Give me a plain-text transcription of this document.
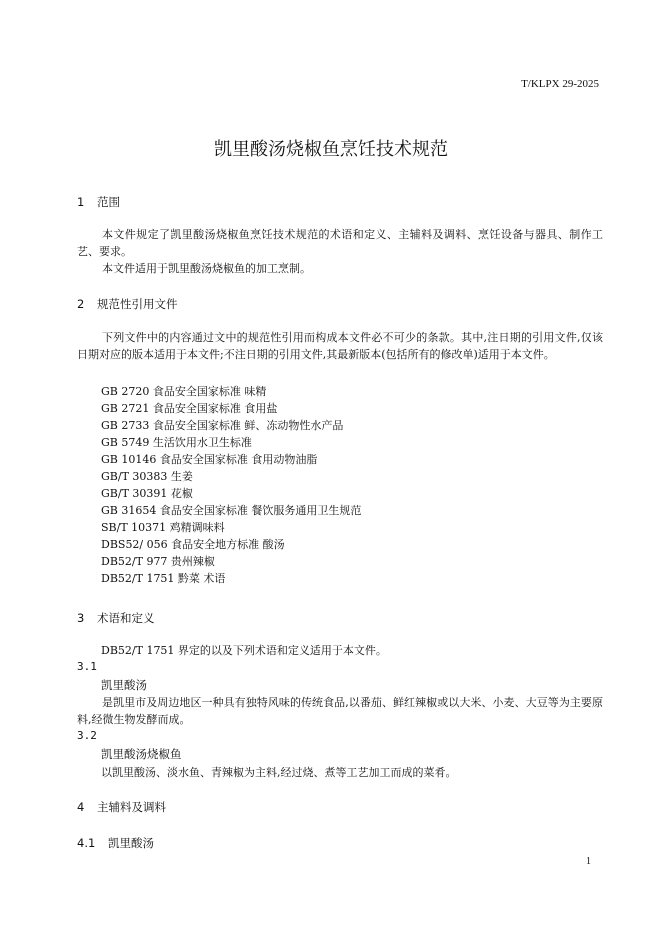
T/KLPX 29-2025
凯里酸汤烧椒鱼烹饪技术规范
1 范围
本文件规定了凯里酸汤烧椒鱼烹饪技术规范的术语和定义、主辅料及调料、烹饪设备与器具、制作工艺、要求。
本文件适用于凯里酸汤烧椒鱼的加工烹制。
2 规范性引用文件
下列文件中的内容通过文中的规范性引用而构成本文件必不可少的条款。其中,注日期的引用文件,仅该日期对应的版本适用于本文件;不注日期的引用文件,其最新版本(包括所有的修改单)适用于本文件。
GB 2720 食品安全国家标准 味精
GB 2721 食品安全国家标准 食用盐
GB 2733 食品安全国家标准 鲜、冻动物性水产品
GB 5749 生活饮用水卫生标准
GB 10146 食品安全国家标准 食用动物油脂
GB/T 30383 生姜
GB/T 30391 花椒
GB 31654 食品安全国家标准 餐饮服务通用卫生规范
SB/T 10371 鸡精调味料
DBS52/ 056 食品安全地方标准 酸汤
DB52/T 977 贵州辣椒
DB52/T 1751 黔菜 术语
3 术语和定义
DB52/T 1751 界定的以及下列术语和定义适用于本文件。
3.1
凯里酸汤
是凯里市及周边地区一种具有独特风味的传统食品,以番茄、鲜红辣椒或以大米、小麦、大豆等为主要原料,经微生物发酵而成。
3.2
凯里酸汤烧椒鱼
以凯里酸汤、淡水鱼、青辣椒为主料,经过烧、煮等工艺加工而成的菜肴。
4 主辅料及调料
4.1 凯里酸汤
1
